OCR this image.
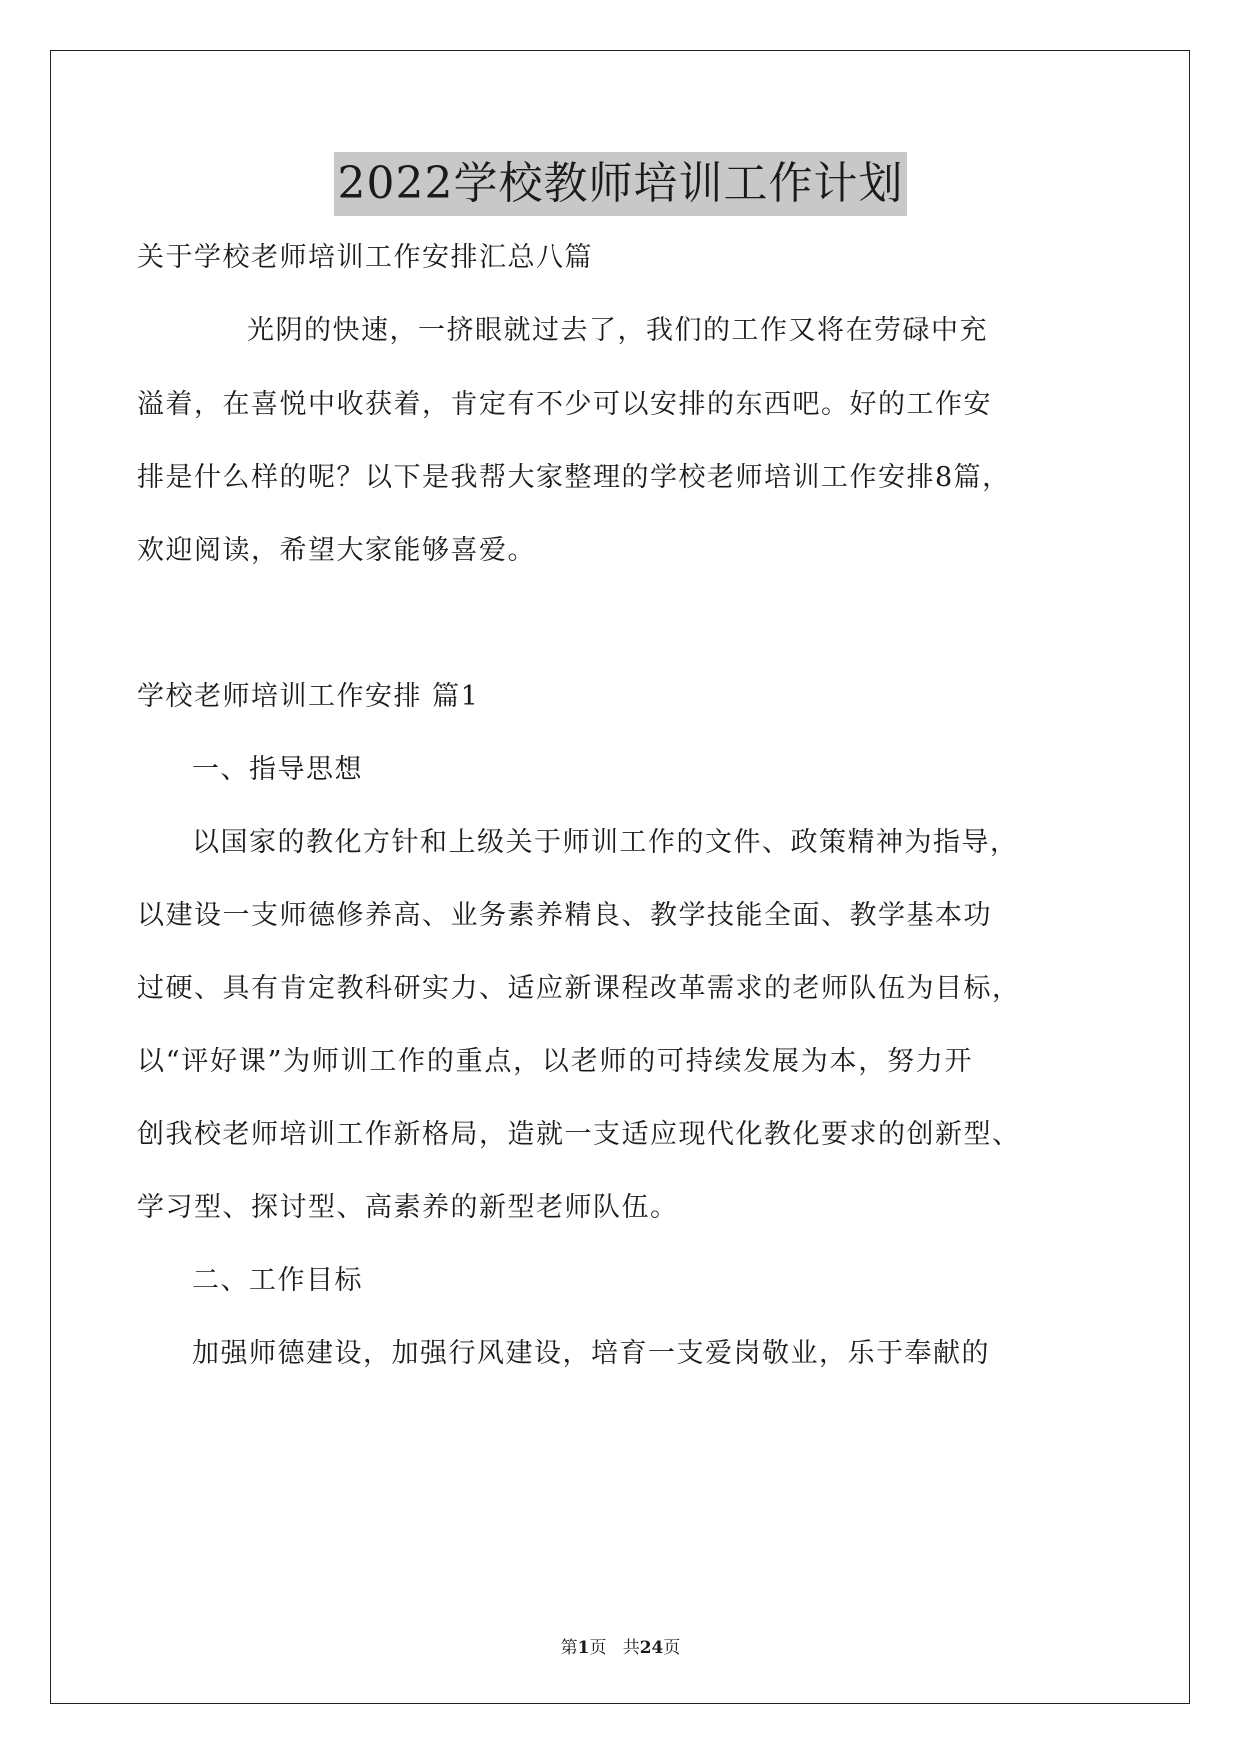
2022学校教师培训工作计划
关于学校老师培训工作安排汇总八篇
光阴的快速，一挤眼就过去了，我们的工作又将在劳碌中充
溢着，在喜悦中收获着，肯定有不少可以安排的东西吧。好的工作安
排是什么样的呢？以下是我帮大家整理的学校老师培训工作安排8篇，
欢迎阅读，希望大家能够喜爱。
学校老师培训工作安排 篇1
一、指导思想
以国家的教化方针和上级关于师训工作的文件、政策精神为指导，
以建设一支师德修养高、业务素养精良、教学技能全面、教学基本功
过硬、具有肯定教科研实力、适应新课程改革需求的老师队伍为目标，
以“评好课”为师训工作的重点，以老师的可持续发展为本，努力开
创我校老师培训工作新格局，造就一支适应现代化教化要求的创新型、
学习型、探讨型、高素养的新型老师队伍。
二、工作目标
加强师德建设，加强行风建设，培育一支爱岗敬业，乐于奉献的
第1页 共24页
